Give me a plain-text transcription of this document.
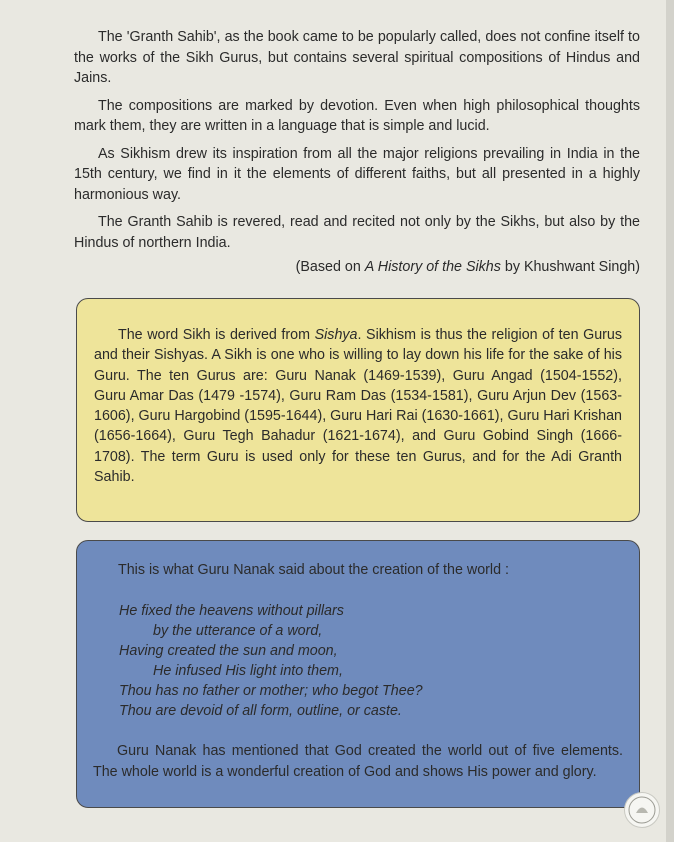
The 'Granth Sahib', as the book came to be popularly called, does not confine itself to the works of the Sikh Gurus, but contains several spiritual compositions of Hindus and Jains.

The compositions are marked by devotion. Even when high philosophical thoughts mark them, they are written in a language that is simple and lucid.

As Sikhism drew its inspiration from all the major religions prevailing in India in the 15th century, we find in it the elements of different faiths, but all presented in a highly harmonious way.

The Granth Sahib is revered, read and recited not only by the Sikhs, but also by the Hindus of northern India.

(Based on A History of the Sikhs by Khushwant Singh)

The word Sikh is derived from Sishya. Sikhism is thus the religion of ten Gurus and their Sishyas. A Sikh is one who is willing to lay down his life for the sake of his Guru. The ten Gurus are: Guru Nanak (1469-1539), Guru Angad (1504-1552), Guru Amar Das (1479 -1574), Guru Ram Das (1534-1581), Guru Arjun Dev (1563-1606), Guru Hargobind (1595-1644), Guru Hari Rai (1630-1661), Guru Hari Krishan (1656-1664), Guru Tegh Bahadur (1621-1674), and Guru Gobind Singh (1666-1708). The term Guru is used only for these ten Gurus, and for the Adi Granth Sahib.

This is what Guru Nanak said about the creation of the world :

He fixed the heavens without pillars
by the utterance of a word,
Having created the sun and moon,
He infused His light into them,
Thou has no father or mother; who begot Thee?
Thou are devoid of all form, outline, or caste.

Guru Nanak has mentioned that God created the world out of five elements. The whole world is a wonderful creation of God and shows His power and glory.
